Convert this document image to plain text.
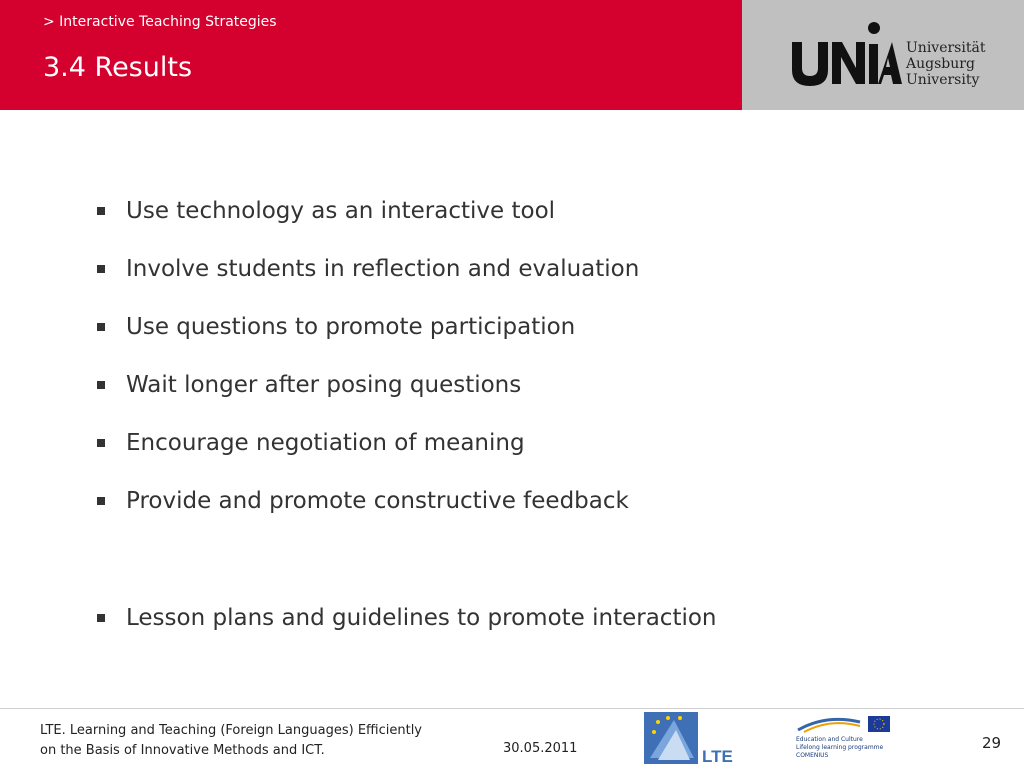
> Interactive Teaching Strategies
3.4 Results
Universität
Augsburg
University
Use technology as an interactive tool
Involve students in reflection and evaluation
Use questions to promote participation
Wait longer after posing questions
Encourage negotiation of meaning
Provide and promote constructive feedback
Lesson plans and guidelines to promote interaction
LTE. Learning and Teaching (Foreign Languages) Efficiently
on the Basis of Innovative Methods and ICT.	30.05.2011	LTE
Education and Culture
Lifelong learning programme
COMENIUS
29
